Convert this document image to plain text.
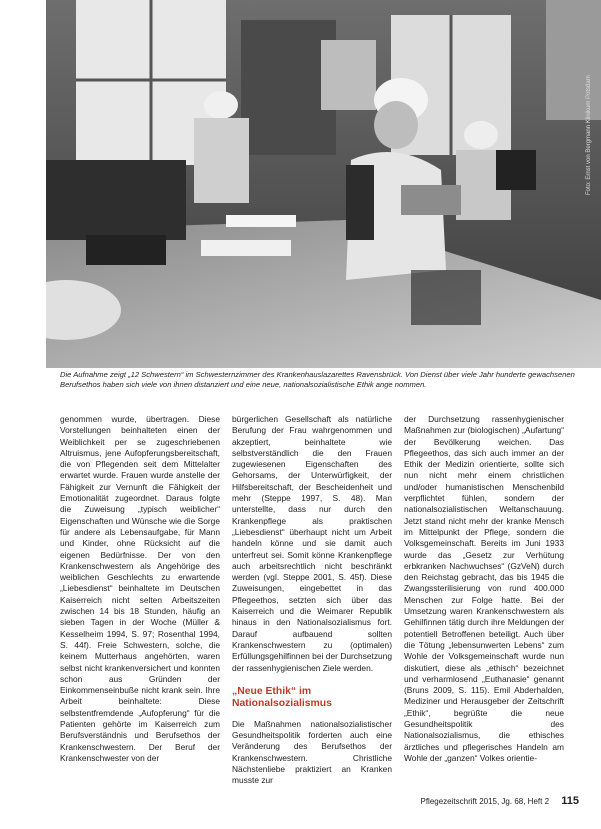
Foto: Ernst von Bergmann Klinikum Potsdam
Die Aufnahme zeigt „12 Schwestern“ im Schwesternzimmer des Krankenhauslazarettes Ravensbrück. Von Dienst über viele Jahr hunderte gewachsenen Berufsethos haben sich viele von ihnen distanziert und eine neue, nationalsozialistische Ethik ange nommen.

genommen wurde, übertragen. Diese Vorstellungen beinhalteten einen der Weiblichkeit per se zugeschriebenen Altruismus, jene Aufopferungsbereitschaft, die von Pflegenden seit dem Mittelalter erwartet wurde. Frauen wurde anstelle der Fähigkeit zur Vernunft die Fähigkeit der Emotionalität zugeordnet. Daraus folgte die Zuweisung „typisch weiblicher“ Eigenschaften und Wünsche wie die Sorge für andere als Lebensaufgabe, für Mann und Kinder, ohne Rücksicht auf die eigenen Bedürfnisse. Der von den Krankenschwestern als Angehörige des weiblichen Geschlechts zu erwartende „Liebesdienst“ beinhaltete im Deutschen Kaiserreich nicht selten Arbeitszeiten zwischen 14 bis 18 Stunden, häufig an sieben Tagen in der Woche (Müller & Kesselheim 1994, S. 97; Rosenthal 1994, S. 44f). Freie Schwestern, solche, die keinem Mutterhaus angehörten, waren selbst nicht krankenversichert und konnten schon aus Gründen der Einkommenseinbuße nicht krank sein. Ihre Arbeit beinhaltete: Diese selbstentfremdende „Aufopferung“ für die Patienten gehörte im Kaiserreich zum Berufsverständnis und Berufsethos der Krankenschwestern. Der Beruf der Krankenschwester von der

bürgerlichen Gesellschaft als natürliche Berufung der Frau wahrgenommen und akzeptiert, beinhaltete wie selbstverständlich die den Frauen zugewiesenen Eigenschaften des Gehorsams, der Unterwürfigkeit, der Hilfsbereitschaft, der Bescheidenheit und mehr (Steppe 1997, S. 48). Man unterstellte, dass nur durch den Krankenpflege als praktischen „Liebesdienst“ überhaupt nicht um Arbeit handeln könne und sie damit auch unterfreut sei. Somit könne Krankenpflege auch arbeitsrechtlich nicht beschränkt werden (vgl. Steppe 2001, S. 45f). Diese Zuweisungen, eingebettet in das Pflegeethos, setzten sich über das Kaiserreich und die Weimarer Republik hinaus in den Nationalsozialismus fort. Darauf aufbauend sollten Krankenschwestern zu (optimalen) Erfüllungsgehilfinnen bei der Durchsetzung der rassenhygienischen Ziele werden.

„Neue Ethik“ im Nationalsozialismus

Die Maßnahmen nationalsozialistischer Gesundheitspolitik forderten auch eine Veränderung des Berufsethos der Krankenschwestern. Christliche Nächstenliebe praktiziert an Kranken musste zur

der Durchsetzung rassenhygienischer Maßnahmen zur (biologischen) „Aufartung“ der Bevölkerung weichen. Das Pflegeethos, das sich auch immer an der Ethik der Medizin orientierte, sollte sich nun nicht mehr einem christlichen und/oder humanistischen Menschenbild verpflichtet fühlen, sondern der nationalsozialistischen Weltanschauung. Jetzt stand nicht mehr der kranke Mensch im Mittelpunkt der Pflege, sondern die Volksgemeinschaft. Bereits im Juni 1933 wurde das „Gesetz zur Verhütung erbkranken Nachwuchses“ (GzVeN) durch den Reichstag gebracht, das bis 1945 die Zwangssterilisierung von rund 400.000 Menschen zur Folge hatte. Bei der Umsetzung waren Krankenschwestern als Gehilfinnen tätig durch ihre Meldungen der potentiell Betroffenen beteiligt. Auch über die Tötung „lebensunwerten Lebens“ zum Wohle der Volksgemeinschaft wurde nun diskutiert, diese als „ethisch“ bezeichnet und verharmlosend „Euthanasie“ genannt (Bruns 2009, S. 115). Emil Abderhalden, Mediziner und Herausgeber der Zeitschrift „Ethik“, begrüßte die neue Gesundheitspolitik des Nationalsozialismus, die ethisches ärztliches und pflegerisches Handeln am Wohle der „ganzen“ Volkes orientie-

Pflegezeitschrift 2015, Jg. 68, Heft 2 115
